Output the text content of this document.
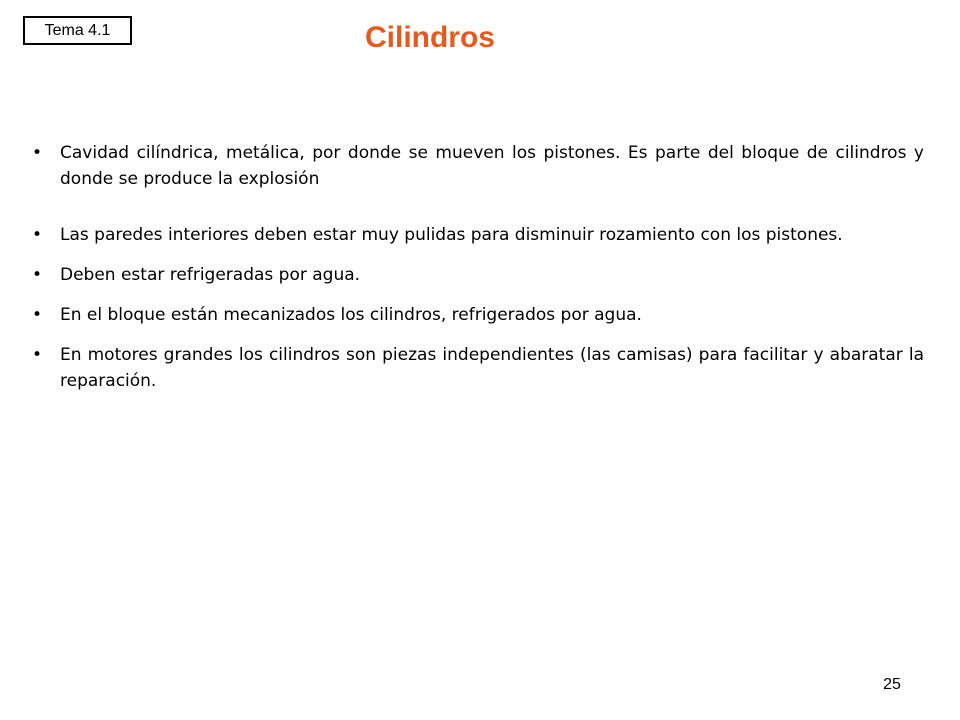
Tema 4.1	Cilindros
•	Cavidad cilíndrica, metálica, por donde se mueven los pistones. Es parte del bloque de cilindros y donde se produce la explosión
•	Las paredes interiores deben estar muy pulidas para disminuir rozamiento con los pistones.
•	Deben estar refrigeradas por agua.
•	En el bloque están mecanizados los cilindros, refrigerados por agua.
•	En motores grandes los cilindros son piezas independientes (las camisas) para facilitar y abaratar la reparación.
25
